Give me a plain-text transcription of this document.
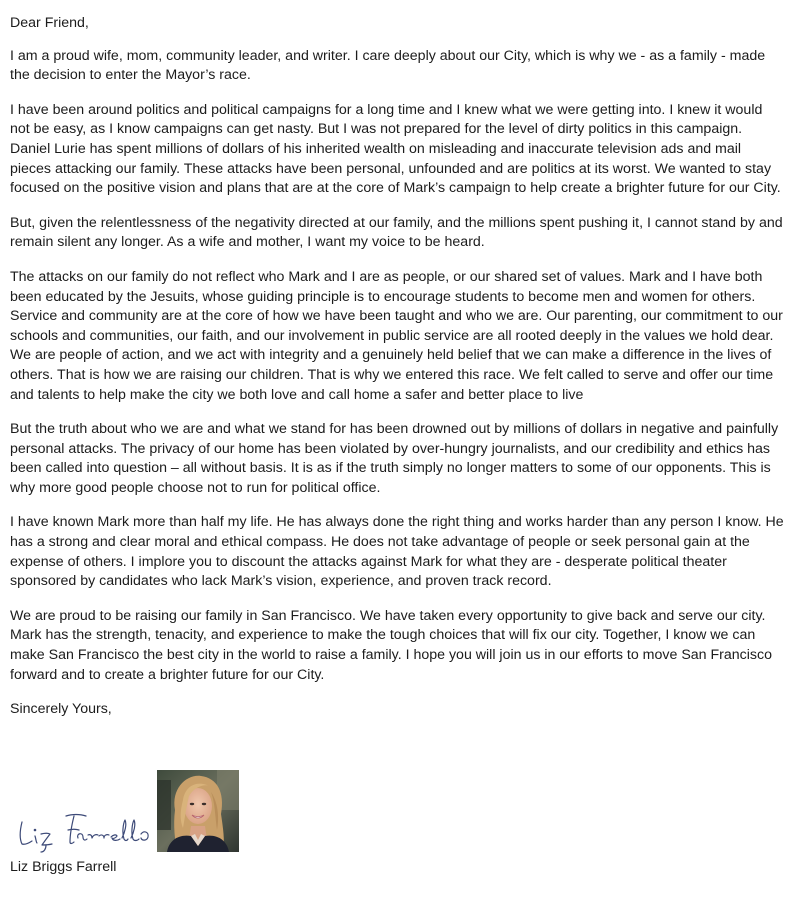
Dear Friend,

I am a proud wife, mom, community leader, and writer. I care deeply about our City, which is why we - as a family - made the decision to enter the Mayor’s race.

I have been around politics and political campaigns for a long time and I knew what we were getting into. I knew it would not be easy, as I know campaigns can get nasty. But I was not prepared for the level of dirty politics in this campaign. Daniel Lurie has spent millions of dollars of his inherited wealth on misleading and inaccurate television ads and mail pieces attacking our family. These attacks have been personal, unfounded and are politics at its worst. We wanted to stay focused on the positive vision and plans that are at the core of Mark’s campaign to help create a brighter future for our City.

But, given the relentlessness of the negativity directed at our family, and the millions spent pushing it, I cannot stand by and remain silent any longer. As a wife and mother, I want my voice to be heard.

The attacks on our family do not reflect who Mark and I are as people, or our shared set of values. Mark and I have both been educated by the Jesuits, whose guiding principle is to encourage students to become men and women for others. Service and community are at the core of how we have been taught and who we are. Our parenting, our commitment to our schools and communities, our faith, and our involvement in public service are all rooted deeply in the values we hold dear. We are people of action, and we act with integrity and a genuinely held belief that we can make a difference in the lives of others. That is how we are raising our children. That is why we entered this race. We felt called to serve and offer our time and talents to help make the city we both love and call home a safer and better place to live

But the truth about who we are and what we stand for has been drowned out by millions of dollars in negative and painfully personal attacks. The privacy of our home has been violated by over-hungry journalists, and our credibility and ethics has been called into question – all without basis. It is as if the truth simply no longer matters to some of our opponents. This is why more good people choose not to run for political office.

I have known Mark more than half my life. He has always done the right thing and works harder than any person I know. He has a strong and clear moral and ethical compass. He does not take advantage of people or seek personal gain at the expense of others. I implore you to discount the attacks against Mark for what they are - desperate political theater sponsored by candidates who lack Mark’s vision, experience, and proven track record.

We are proud to be raising our family in San Francisco. We have taken every opportunity to give back and serve our city. Mark has the strength, tenacity, and experience to make the tough choices that will fix our city. Together, I know we can make San Francisco the best city in the world to raise a family. I hope you will join us in our efforts to move San Francisco forward and to create a brighter future for our City.

Sincerely Yours,

Liz Briggs Farrell
